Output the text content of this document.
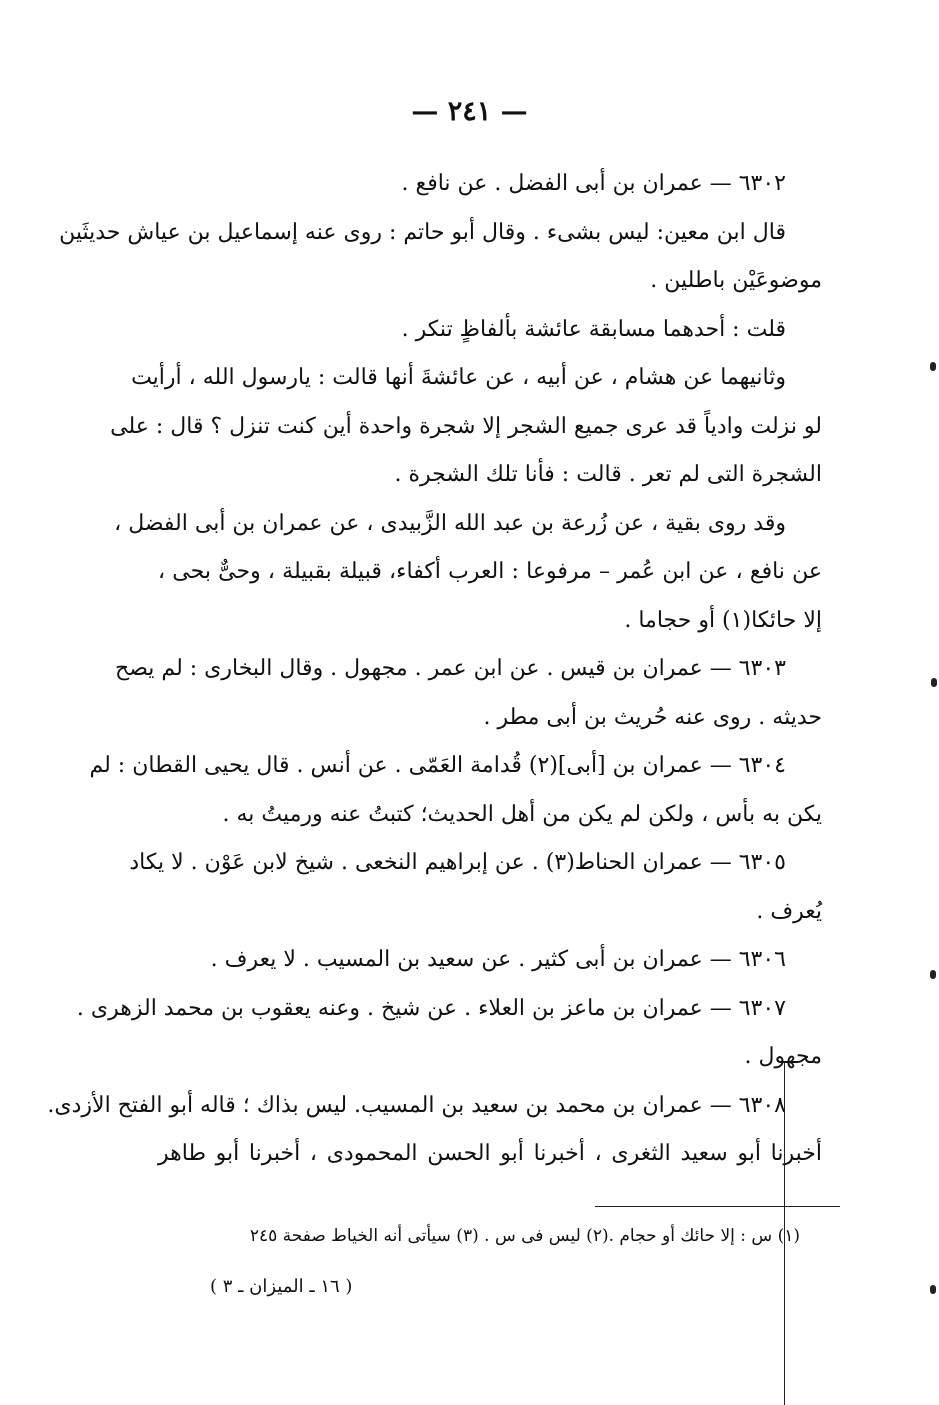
— ٢٤١ —
٦٣٠٢ — عمران بن أبى الفضل . عن نافع .
قال ابن معين: ليس بشىء . وقال أبو حاتم : روى عنه إسماعيل بن عياش حديثَين
موضوعَيْن باطلين .
قلت : أحدهما مسابقة عائشة بألفاظٍ تنكر .
وثانيهما عن هشام ، عن أبيه ، عن عائشةَ أنها قالت : يارسول الله ، أرأيت
لو نزلت وادياً قد عرى جميع الشجر إلا شجرة واحدة أين كنت تنزل ؟ قال : على
الشجرة التى لم تعر . قالت : فأنا تلك الشجرة .
وقد روى بقية ، عن زُرعة بن عبد الله الزَّبيدى ، عن عمران بن أبى الفضل ،
عن نافع ، عن ابن عُمر – مرفوعا : العرب أكفاء، قبيلة بقبيلة ، وحىٌّ بحى ،
إلا حائكا(١) أو حجاما .
٦٣٠٣ — عمران بن قيس . عن ابن عمر . مجهول . وقال البخارى : لم يصح
حديثه . روى عنه حُريث بن أبى مطر .
٦٣٠٤ — عمران بن [أبى](٢) قُدامة العَمّى . عن أنس . قال يحيى القطان : لم
يكن به بأس ، ولكن لم يكن من أهل الحديث؛ كتبتُ عنه ورميتُ به .
٦٣٠٥ — عمران الحناط(٣) . عن إبراهيم النخعى . شيخ لابن عَوْن . لا يكاد
يُعرف .
٦٣٠٦ — عمران بن أبى كثير . عن سعيد بن المسيب . لا يعرف .
٦٣٠٧ — عمران بن ماعز بن العلاء . عن شيخ . وعنه يعقوب بن محمد الزهرى .
مجهول .
٦٣٠٨ — عمران بن محمد بن سعيد بن المسيب. ليس بذاك ؛ قاله أبو الفتح الأزدى.
أخبرنا أبو سعيد الثغرى ، أخبرنا أبو الحسن المحمودى ، أخبرنا أبو طاهر
(١) س : إلا حائك أو حجام .(٢) ليس فى س . (٣) سيأتى أنه الخياط صفحة ٢٤٥
( ١٦ ـ الميزان ـ ٣ )
